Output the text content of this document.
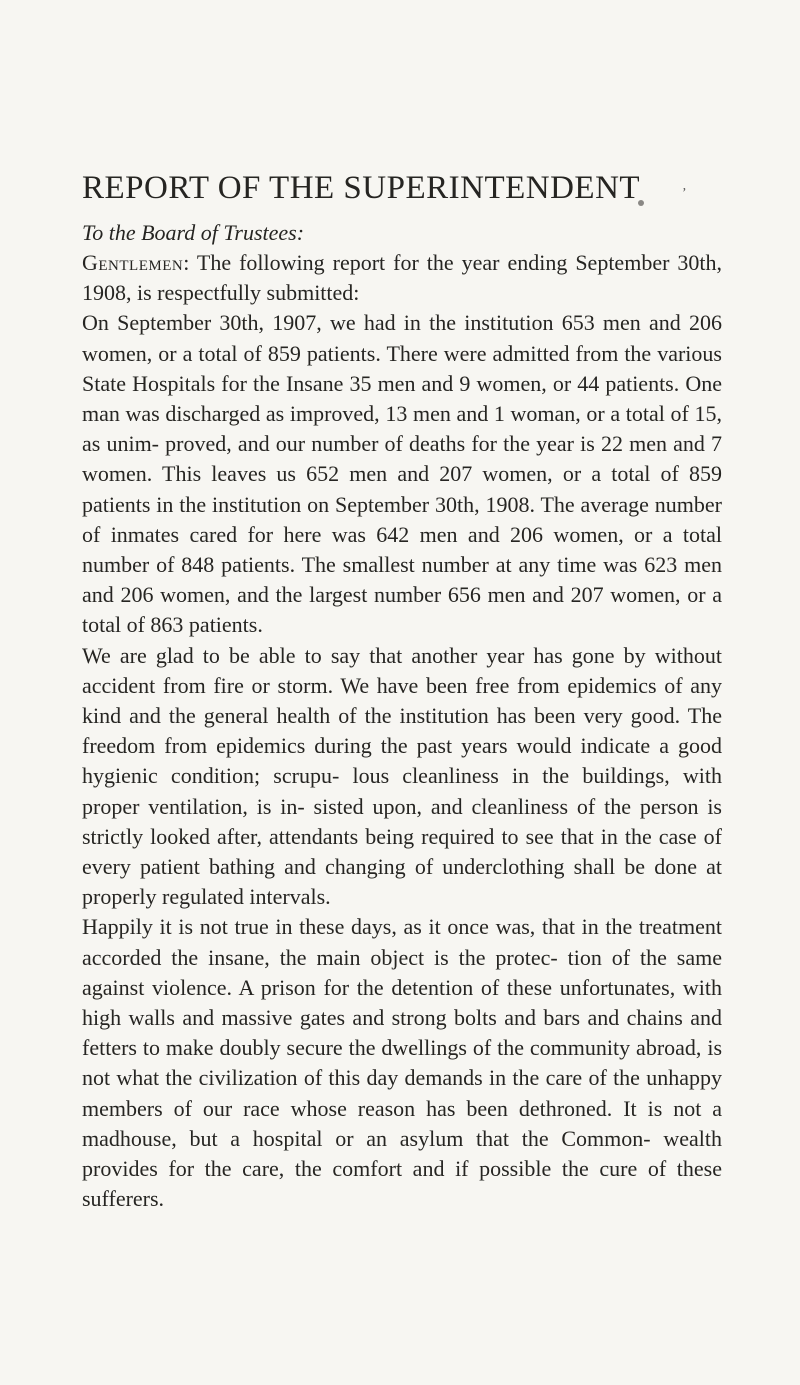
ʼ
REPORT OF THE SUPERINTENDENT
To the Board of Trustees:

Gentlemen: The following report for the year ending September 30th, 1908, is respectfully submitted:

On September 30th, 1907, we had in the institution 653 men and 206 women, or a total of 859 patients. There were admitted from the various State Hospitals for the Insane 35 men and 9 women, or 44 patients. One man was discharged as improved, 13 men and 1 woman, or a total of 15, as unim- proved, and our number of deaths for the year is 22 men and 7 women. This leaves us 652 men and 207 women, or a total of 859 patients in the institution on September 30th, 1908. The average number of inmates cared for here was 642 men and 206 women, or a total number of 848 patients. The smallest number at any time was 623 men and 206 women, and the largest number 656 men and 207 women, or a total of 863 patients.

We are glad to be able to say that another year has gone by without accident from fire or storm. We have been free from epidemics of any kind and the general health of the institution has been very good. The freedom from epidemics during the past years would indicate a good hygienic condition; scrupu- lous cleanliness in the buildings, with proper ventilation, is in- sisted upon, and cleanliness of the person is strictly looked after, attendants being required to see that in the case of every patient bathing and changing of underclothing shall be done at properly regulated intervals.

Happily it is not true in these days, as it once was, that in the treatment accorded the insane, the main object is the protec- tion of the same against violence. A prison for the detention of these unfortunates, with high walls and massive gates and strong bolts and bars and chains and fetters to make doubly secure the dwellings of the community abroad, is not what the civilization of this day demands in the care of the unhappy members of our race whose reason has been dethroned. It is not a madhouse, but a hospital or an asylum that the Common- wealth provides for the care, the comfort and if possible the cure of these sufferers.
